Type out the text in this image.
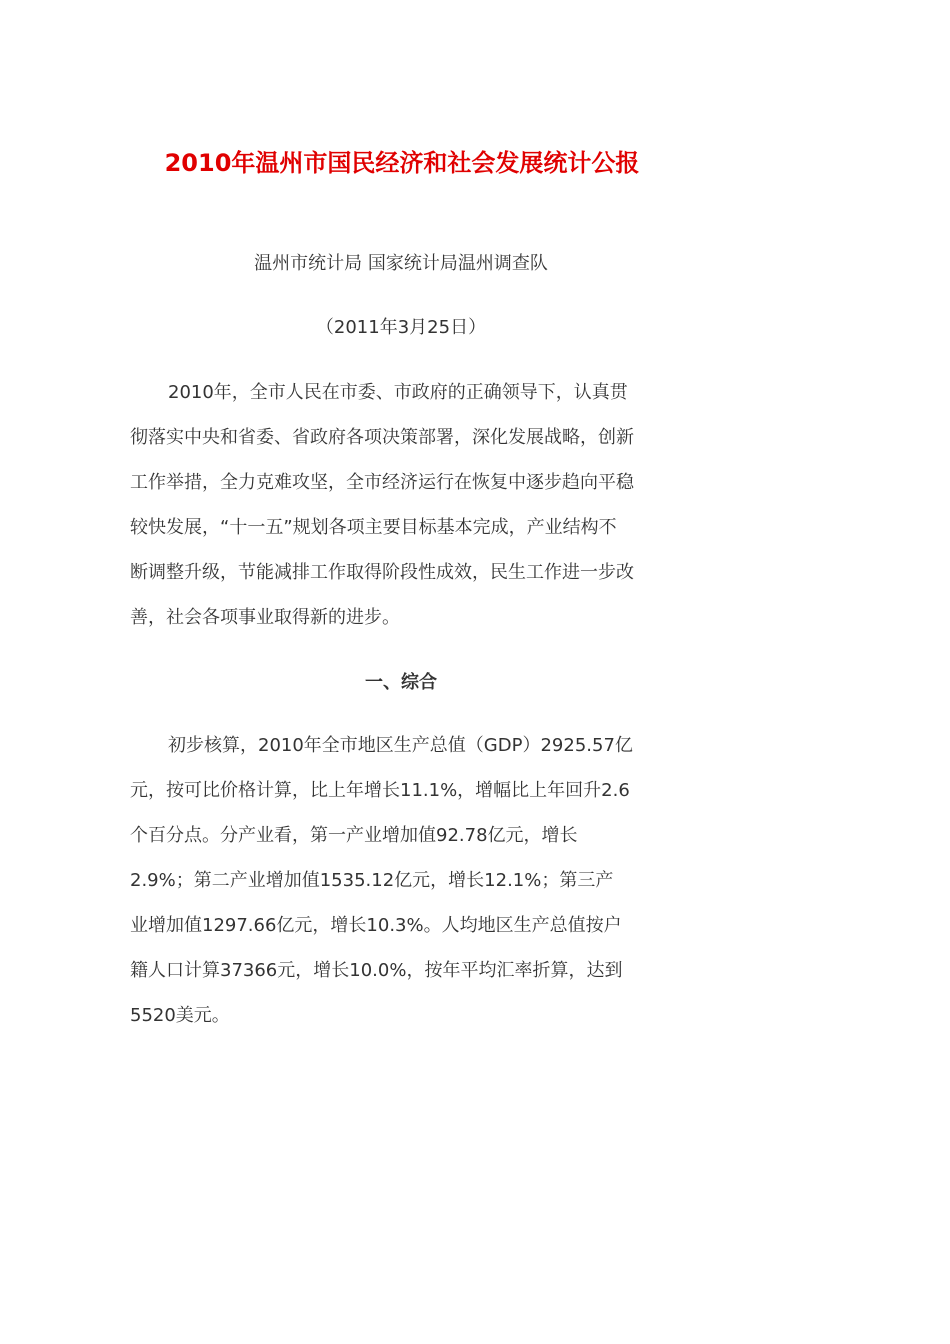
2010年温州市国民经济和社会发展统计公报
温州市统计局 国家统计局温州调查队
（2011年3月25日）
2010年，全市人民在市委、市政府的正确领导下，认真贯
彻落实中央和省委、省政府各项决策部署，深化发展战略，创新
工作举措，全力克难攻坚，全市经济运行在恢复中逐步趋向平稳
较快发展，“十一五”规划各项主要目标基本完成，产业结构不
断调整升级，节能减排工作取得阶段性成效，民生工作进一步改
善，社会各项事业取得新的进步。
一、综合
初步核算，2010年全市地区生产总值（GDP）2925.57亿
元，按可比价格计算，比上年增长11.1%，增幅比上年回升2.6
个百分点。分产业看，第一产业增加值92.78亿元，增长
2.9%；第二产业增加值1535.12亿元，增长12.1%；第三产
业增加值1297.66亿元，增长10.3%。人均地区生产总值按户
籍人口计算37366元，增长10.0%，按年平均汇率折算，达到
5520美元。
